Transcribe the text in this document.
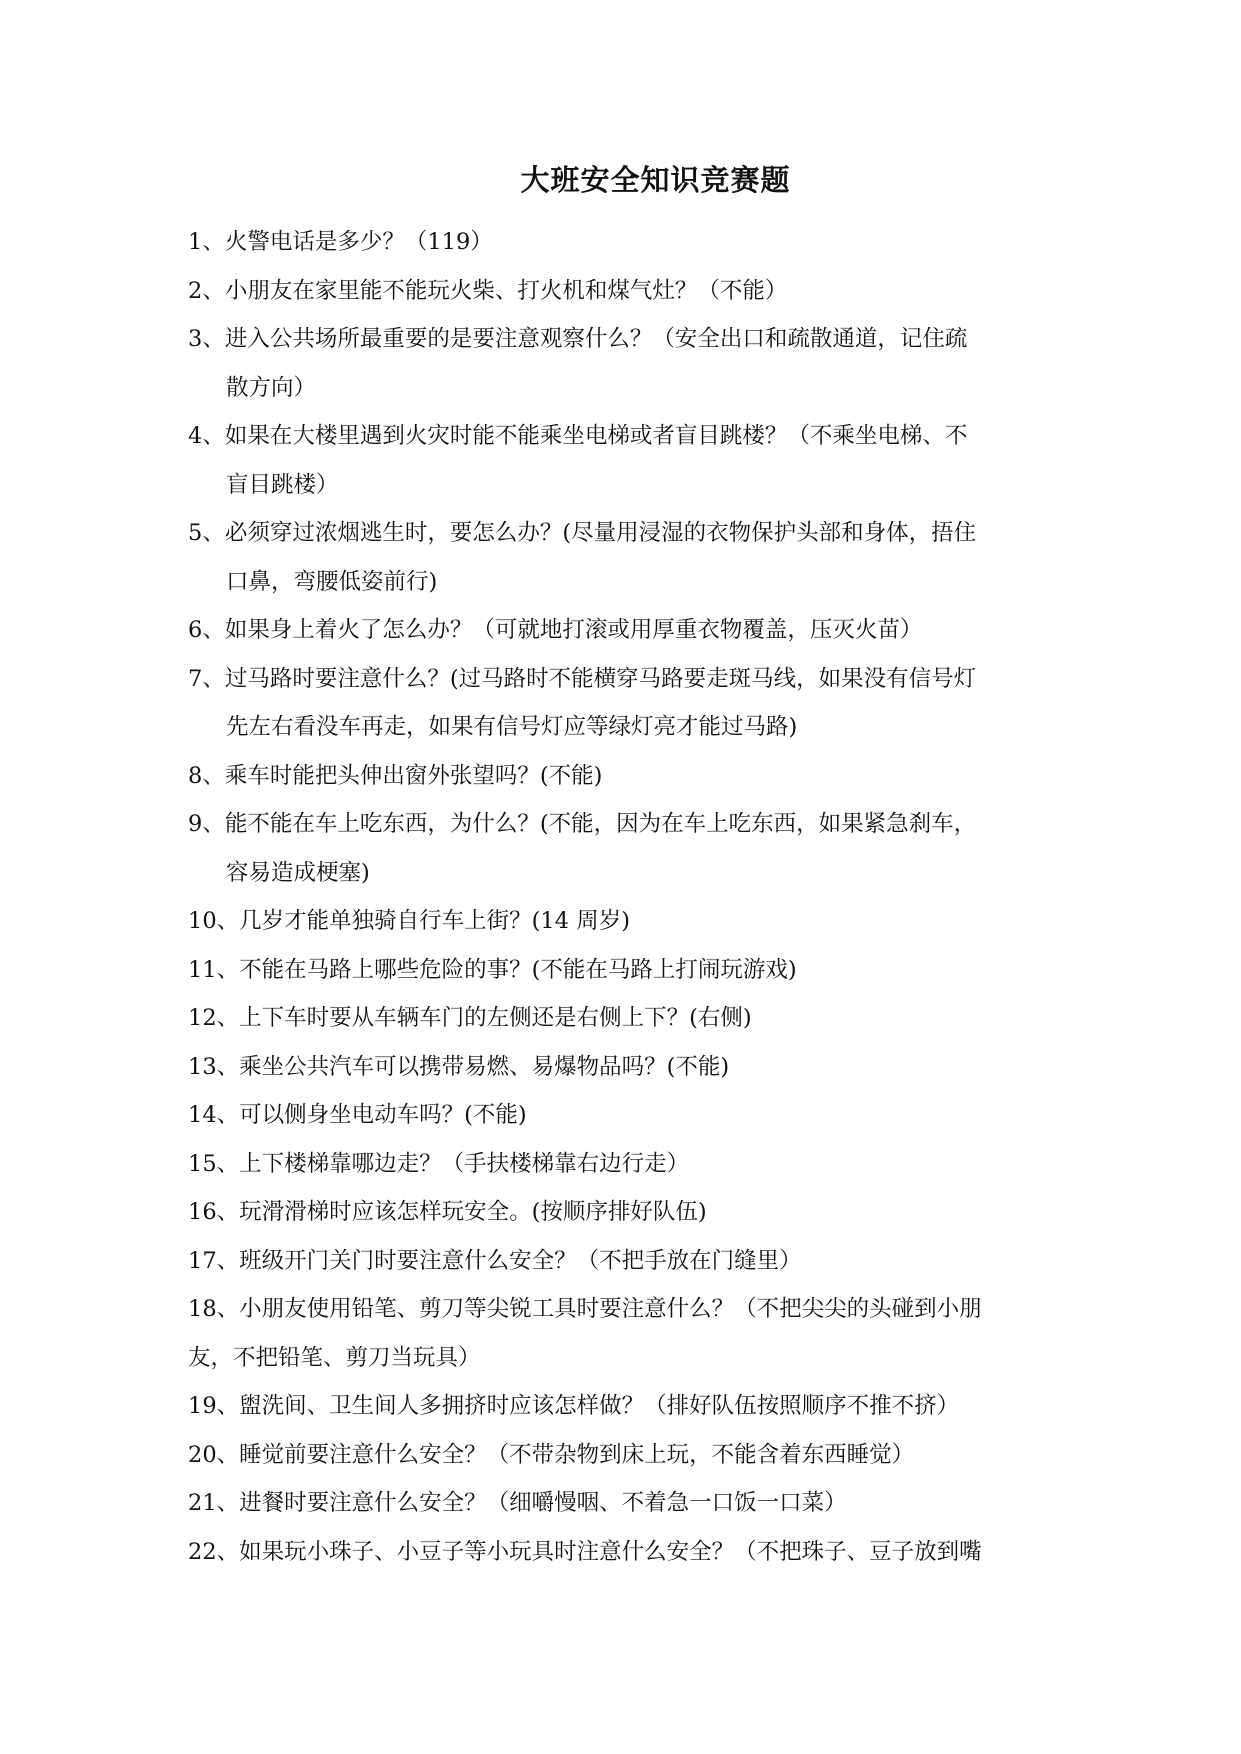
大班安全知识竞赛题
1、火警电话是多少？（119）
2、小朋友在家里能不能玩火柴、打火机和煤气灶？（不能）
3、进入公共场所最重要的是要注意观察什么？（安全出口和疏散通道，记住疏
散方向）
4、如果在大楼里遇到火灾时能不能乘坐电梯或者盲目跳楼？（不乘坐电梯、不
盲目跳楼）
5、必须穿过浓烟逃生时，要怎么办？(尽量用浸湿的衣物保护头部和身体，捂住
口鼻，弯腰低姿前行)
6、如果身上着火了怎么办？（可就地打滚或用厚重衣物覆盖，压灭火苗）
7、过马路时要注意什么？(过马路时不能横穿马路要走斑马线，如果没有信号灯
先左右看没车再走，如果有信号灯应等绿灯亮才能过马路)
8、乘车时能把头伸出窗外张望吗？(不能)
9、能不能在车上吃东西，为什么？(不能，因为在车上吃东西，如果紧急刹车，
容易造成梗塞)
10、几岁才能单独骑自行车上街？(14 周岁)
11、不能在马路上哪些危险的事？(不能在马路上打闹玩游戏)
12、上下车时要从车辆车门的左侧还是右侧上下？(右侧)
13、乘坐公共汽车可以携带易燃、易爆物品吗？(不能)
14、可以侧身坐电动车吗？(不能)
15、上下楼梯靠哪边走？（手扶楼梯靠右边行走）
16、玩滑滑梯时应该怎样玩安全。(按顺序排好队伍)
17、班级开门关门时要注意什么安全？（不把手放在门缝里）
18、小朋友使用铅笔、剪刀等尖锐工具时要注意什么？（不把尖尖的头碰到小朋
友，不把铅笔、剪刀当玩具）
19、盥洗间、卫生间人多拥挤时应该怎样做？（排好队伍按照顺序不推不挤）
20、睡觉前要注意什么安全？（不带杂物到床上玩，不能含着东西睡觉）
21、进餐时要注意什么安全？（细嚼慢咽、不着急一口饭一口菜）
22、如果玩小珠子、小豆子等小玩具时注意什么安全？（不把珠子、豆子放到嘴
